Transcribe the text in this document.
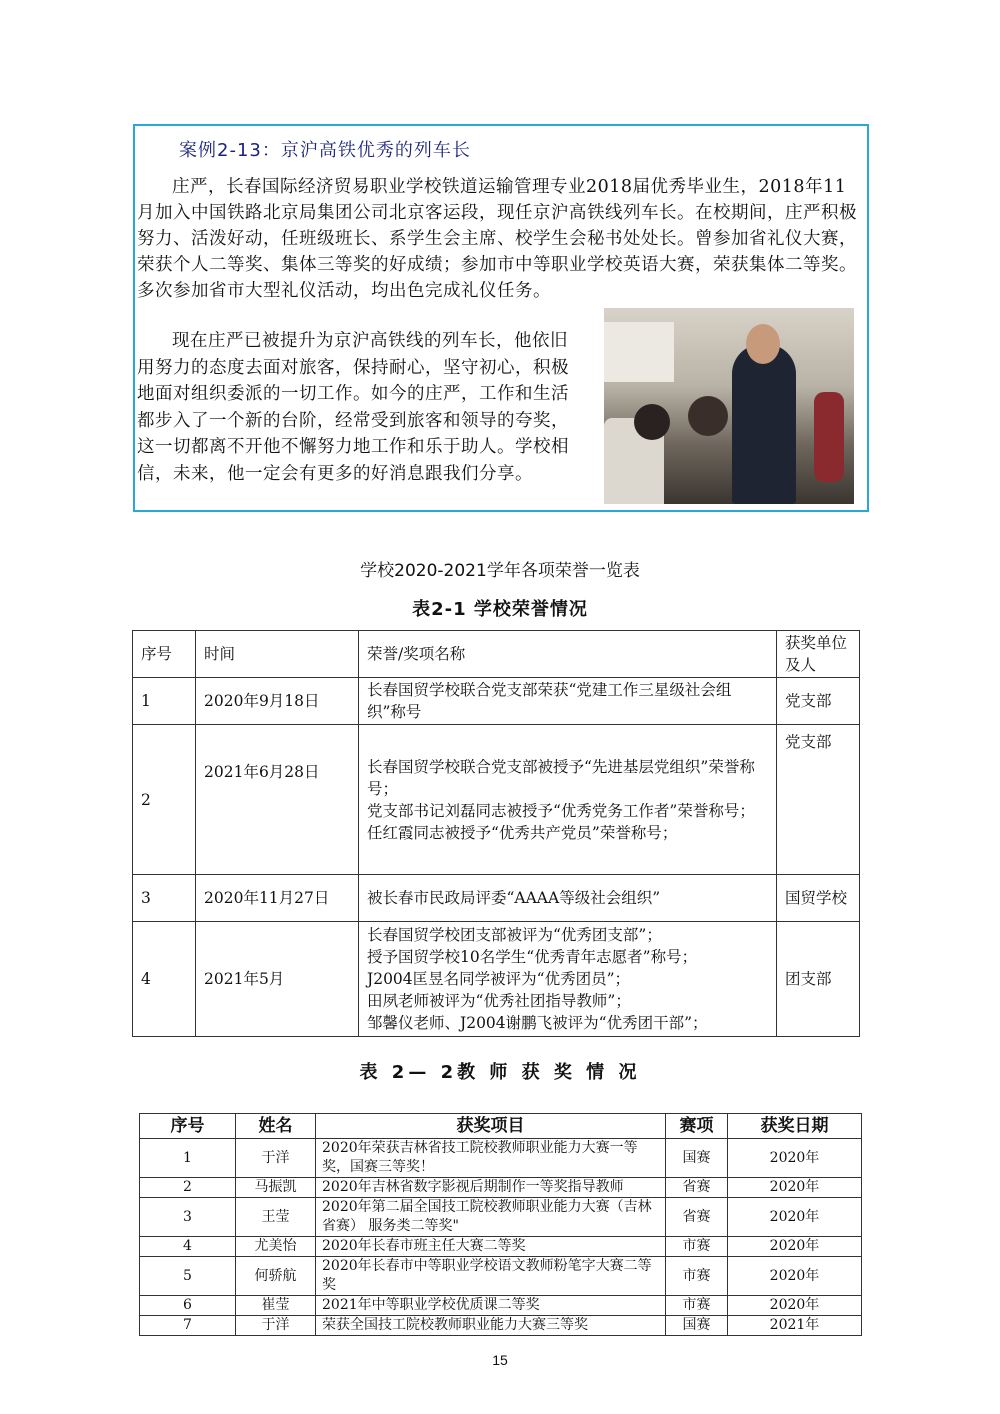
案例2-13：京沪高铁优秀的列车长

庄严，长春国际经济贸易职业学校铁道运输管理专业2018届优秀毕业生，2018年11月加入中国铁路北京局集团公司北京客运段，现任京沪高铁线列车长。在校期间，庄严积极努力、活泼好动，任班级班长、系学生会主席、校学生会秘书处处长。曾参加省礼仪大赛，荣获个人二等奖、集体三等奖的好成绩；参加市中等职业学校英语大赛，荣获集体二等奖。多次参加省市大型礼仪活动，均出色完成礼仪任务。

现在庄严已被提升为京沪高铁线的列车长，他依旧用努力的态度去面对旅客，保持耐心，坚守初心，积极地面对组织委派的一切工作。如今的庄严，工作和生活都步入了一个新的台阶，经常受到旅客和领导的夸奖，这一切都离不开他不懈努力地工作和乐于助人。学校相信，未来，他一定会有更多的好消息跟我们分享。

学校2020-2021学年各项荣誉一览表
表2-1 学校荣誉情况
序号	时间	荣誉/奖项名称	获奖单位及人
1	2020年9月18日	长春国贸学校联合党支部荣获“党建工作三星级社会组织”称号	党支部
2	2021年6月28日	长春国贸学校联合党支部被授予“先进基层党组织”荣誉称号；
党支部书记刘磊同志被授予“优秀党务工作者”荣誉称号；
任红霞同志被授予“优秀共产党员”荣誉称号；	党支部
3	2020年11月27日	被长春市民政局评委“AAAA等级社会组织”	国贸学校
4	2021年5月	长春国贸学校团支部被评为“优秀团支部”；
授予国贸学校10名学生“优秀青年志愿者”称号；
J2004匡昱名同学被评为“优秀团员”；
田夙老师被评为“优秀社团指导教师”；
邹馨仪老师、J2004谢鹏飞被评为“优秀团干部”；	团支部
表 2— 2教 师 获 奖 情 况
序号	姓名	获奖项目	赛项	获奖日期
1	于洋	2020年荣获吉林省技工院校教师职业能力大赛一等奖，国赛三等奖！	国赛	2020年
2	马振凯	2020年吉林省数字影视后期制作一等奖指导教师	省赛	2020年
3	王莹	2020年第二届全国技工院校教师职业能力大赛（吉林省赛） 服务类二等奖"	省赛	2020年
4	尤美怡	2020年长春市班主任大赛二等奖	市赛	2020年
5	何骄航	2020年长春市中等职业学校语文教师粉笔字大赛二等奖	市赛	2020年
6	崔莹	2021年中等职业学校优质课二等奖	市赛	2020年
7	于洋	荣获全国技工院校教师职业能力大赛三等奖	国赛	2021年
15
